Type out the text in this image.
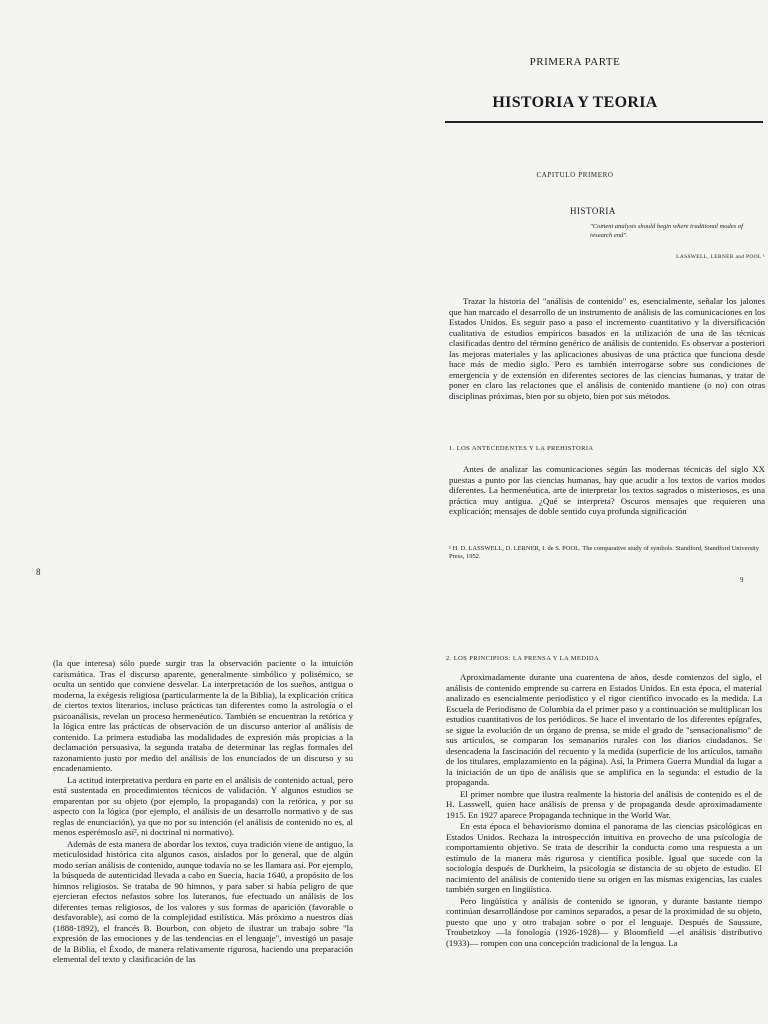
PRIMERA PARTE
HISTORIA Y TEORIA
CAPITULO PRIMERO
HISTORIA
"Content analysis should begin where traditional modes of research end".
LASSWELL, LERNER and POOL ¹

Trazar la historia del "análisis de contenido" es, esencialmente, señalar los jalones que han marcado el desarrollo de un instrumento de análisis de las comunicaciones en los Estados Unidos. Es seguir paso a paso el incremento cuantitativo y la diversificación cualitativa de estudios empíricos basados en la utilización de una de las técnicas clasificadas dentro del término genérico de análisis de contenido. Es observar a posteriori las mejoras materiales y las aplicaciones abusivas de una práctica que funciona desde hace más de medio siglo. Pero es también interrogarse sobre sus condiciones de emergencia y de extensión en diferentes sectores de las ciencias humanas, y tratar de poner en claro las relaciones que el análisis de contenido mantiene (o no) con otras disciplinas próximas, bien por su objeto, bien por sus métodos.

1. LOS ANTECEDENTES Y LA PREHISTORIA

Antes de analizar las comunicaciones según las modernas técnicas del siglo XX puestas a punto por las ciencias humanas, hay que acudir a los textos de varios modos diferentes. La hermenéutica, arte de interpretar los textos sagrados o misteriosos, es una práctica muy antigua. ¿Qué se interpreta? Oscuros mensajes que requieren una explicación; mensajes de doble sentido cuya profunda significación

¹ H. D. LASSWELL, D. LERNER, I. de S. POOL. The comparative study of symbols. Standford, Standford University Press, 1952.
8
9

(la que interesa) sólo puede surgir tras la observación paciente o la intuición carismática. Tras el discurso aparente, generalmente simbólico y polisémico, se oculta un sentido que conviene desvelar. La interpretación de los sueños, antigua o moderna, la exégesis religiosa (particularmente la de la Biblia), la explicación crítica de ciertos textos literarios, incluso prácticas tan diferentes como la astrología o el psicoanálisis, revelan un proceso hermenéutico. También se encuentran la retórica y la lógica entre las prácticas de observación de un discurso anterior al análisis de contenido. La primera estudiaba las modalidades de expresión más propicias a la declamación persuasiva, la segunda trataba de determinar las reglas formales del razonamiento justo por medio del análisis de los enunciados de un discurso y su encadenamiento.

La actitud interpretativa perdura en parte en el análisis de contenido actual, pero está sustentada en procedimientos técnicos de validación. Y algunos estudios se emparentan por su objeto (por ejemplo, la propaganda) con la retórica, y por su aspecto con la lógica (por ejemplo, el análisis de un desarrollo normativo y de sus reglas de enunciación), ya que no por su intención (el análisis de contenido no es, al menos esperémoslo así², ni doctrinal ni normativo).

Además de esta manera de abordar los textos, cuya tradición viene de antiguo, la meticulosidad histórica cita algunos casos, aislados por lo general, que de algún modo serían análisis de contenido, aunque todavía no se les llamara así. Por ejemplo, la búsqueda de autenticidad llevada a cabo en Suecia, hacia 1640, a propósito de los himnos religiosos. Se trataba de 90 himnos, y para saber si había peligro de que ejercieran efectos nefastos sobre los luteranos, fue efectuado un análisis de los diferentes temas religiosos, de los valores y sus formas de aparición (favorable o desfavorable), así como de la complejidad estilística. Más próximo a nuestros días (1888-1892), el francés B. Bourbon, con objeto de ilustrar un trabajo sobre "la expresión de las emociones y de las tendencias en el lenguaje", investigó un pasaje de la Biblia, el Éxodo, de manera relativamente rigurosa, haciendo una preparación elemental del texto y clasificación de las

2. LOS PRINCIPIOS: LA PRENSA Y LA MEDIDA

Aproximadamente durante una cuarentena de años, desde comienzos del siglo, el análisis de contenido emprende su carrera en Estados Unidos. En esta época, el material analizado es esencialmente periodístico y el rigor científico invocado es la medida. La Escuela de Periodismo de Columbia da el primer paso y a continuación se multiplican los estudios cuantitativos de los periódicos. Se hace el inventario de los diferentes epígrafes, se sigue la evolución de un órgano de prensa, se mide el grado de "sensacionalismo" de sus artículos, se comparan los semanarios rurales con los diarios ciudadanos. Se desencadena la fascinación del recuento y la medida (superficie de los artículos, tamaño de los titulares, emplazamiento en la página). Así, la Primera Guerra Mundial da lugar a la iniciación de un tipo de análisis que se amplifica en la segunda: el estudio de la propaganda.

El primer nombre que ilustra realmente la historia del análisis de contenido es el de H. Lasswell, quien hace análisis de prensa y de propaganda desde aproximadamente 1915. En 1927 aparece Propaganda technique in the World War.

En esta época el behaviorismo domina el panorama de las ciencias psicológicas en Estados Unidos. Rechaza la introspección intuitiva en provecho de una psicología de comportamiento objetivo. Se trata de describir la conducta como una respuesta a un estímulo de la manera más rigurosa y científica posible. Igual que sucede con la sociología después de Durkheim, la psicología se distancia de su objeto de estudio. El nacimiento del análisis de contenido tiene su origen en las mismas exigencias, las cuales también surgen en lingüística.

Pero lingüística y análisis de contenido se ignoran, y durante bastante tiempo continúan desarrollándose por caminos separados, a pesar de la proximidad de su objeto, puesto que uno y otro trabajan sobre o por el lenguaje. Después de Saussure, Troubetzkoy —la fonología (1926-1928)— y Bloomfield —el análisis distributivo (1933)— rompen con una concepción tradicional de la lengua. La
